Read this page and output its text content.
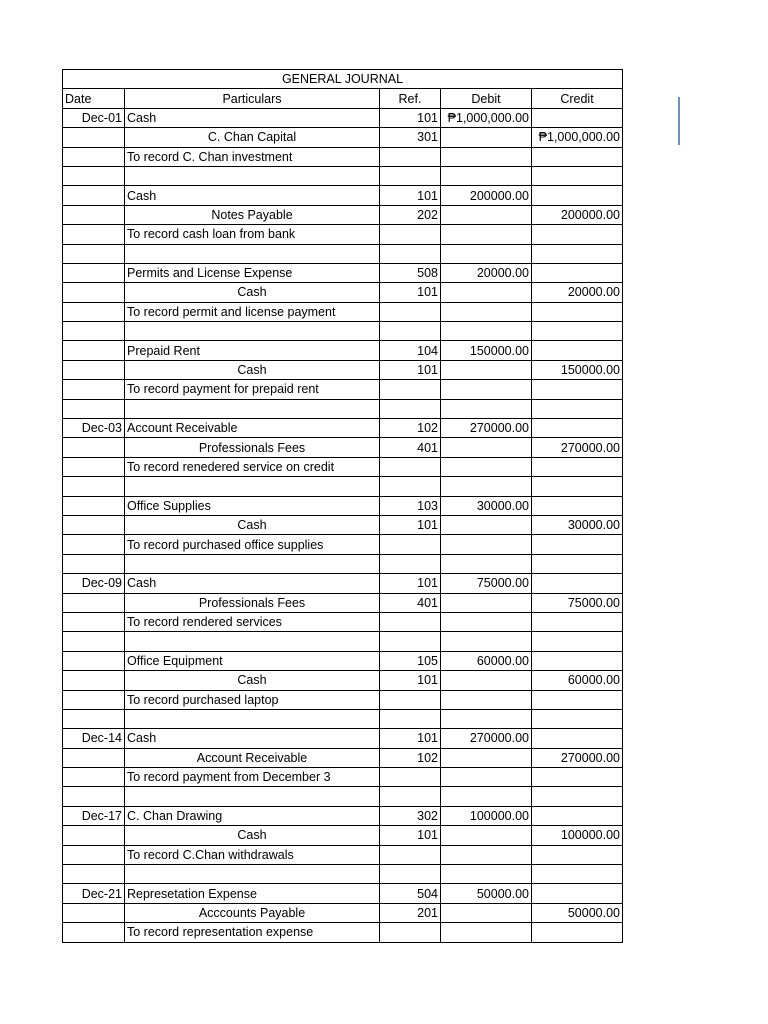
GENERAL JOURNAL				
Date	Particulars	Ref.	Debit	Credit
Dec-01	Cash	101	₱1,000,000.00	
	C. Chan Capital	301		₱1,000,000.00
	To record C. Chan investment			

	Cash	101	200000.00	
	Notes Payable	202		200000.00
	To record cash loan from bank			

	Permits and License Expense	508	20000.00	
	Cash	101		20000.00
	To record permit and license payment			

	Prepaid Rent	104	150000.00	
	Cash	101		150000.00
	To record payment for prepaid rent			

Dec-03	Account Receivable	102	270000.00	
	Professionals Fees	401		270000.00
	To record renedered service on credit			

	Office Supplies	103	30000.00	
	Cash	101		30000.00
	To record purchased office supplies			

Dec-09	Cash	101	75000.00	
	Professionals Fees	401		75000.00
	To record rendered services			

	Office Equipment	105	60000.00	
	Cash	101		60000.00
	To record purchased laptop			

Dec-14	Cash	101	270000.00	
	Account Receivable	102		270000.00
	To record payment from December 3			

Dec-17	C. Chan Drawing	302	100000.00	
	Cash	101		100000.00
	To record C.Chan withdrawals			

Dec-21	Represetation Expense	504	50000.00	
	Acccounts Payable	201		50000.00
	To record representation expense			
